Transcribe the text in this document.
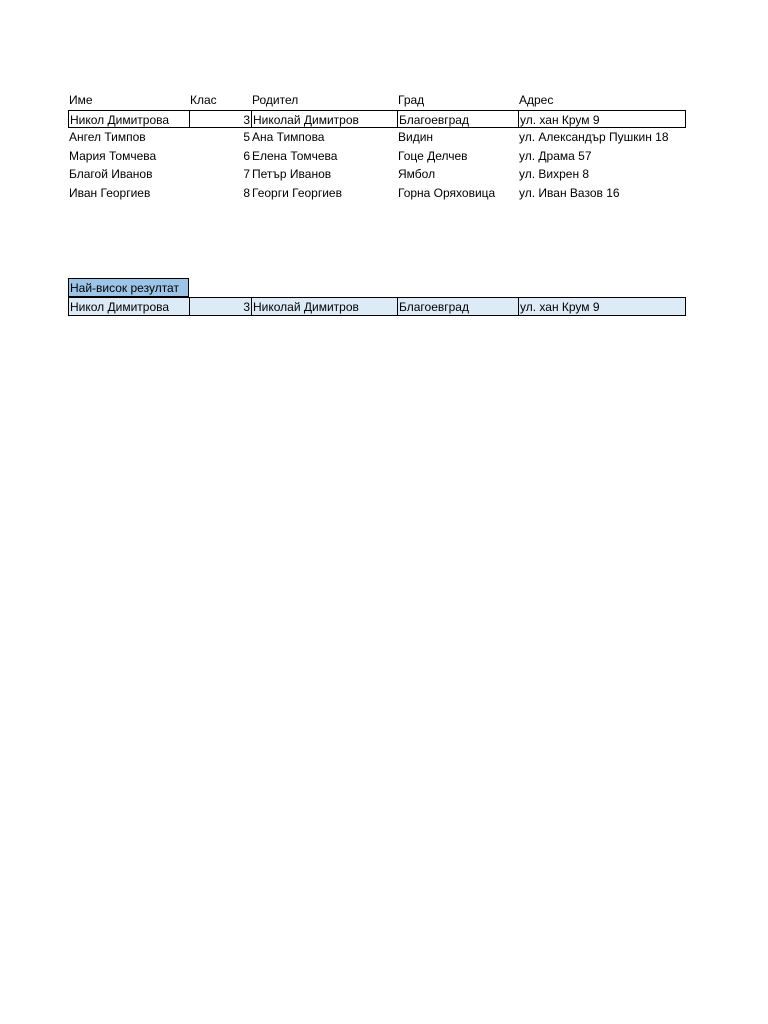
Име	Клас	Родител	Град	Адрес
Никол Димитрова	3 Николай Димитров	Благоевград	ул. хан Крум 9
Ангел Тимпов	5 Ана Тимпова	Видин	ул. Александър Пушкин 18
Мария Томчева	6 Елена Томчева	Гоце Делчев	ул. Драма 57
Благой Иванов	7 Петър Иванов	Ямбол	ул. Вихрен 8
Иван Георгиев	8 Георги Георгиев	Горна Оряховица	ул. Иван Вазов 16
Най-висок резултат
Никол Димитрова	3 Николай Димитров	Благоевград	ул. хан Крум 9
